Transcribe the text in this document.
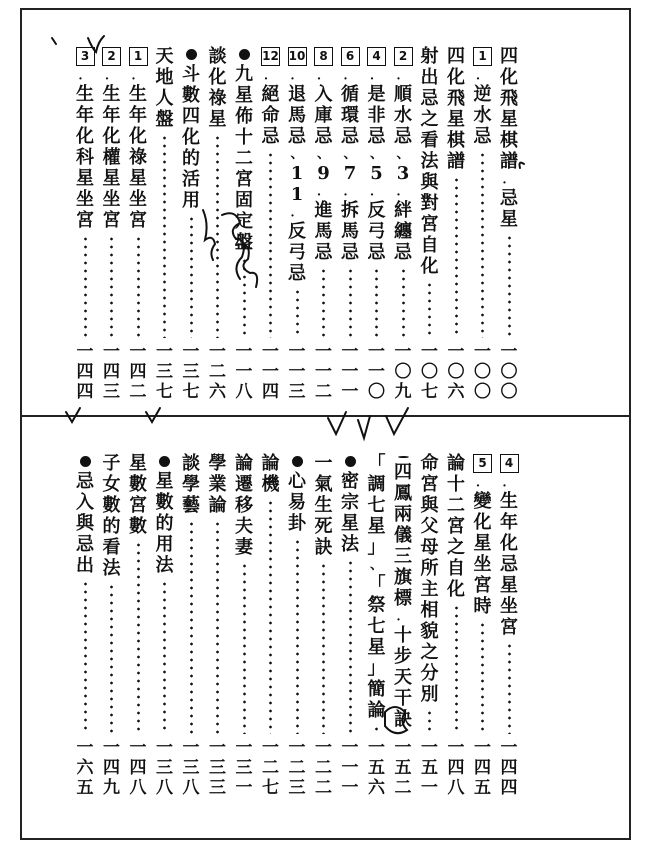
四
化
飛
星
棋
譜
．
忌
星
一
〇
〇
1
．
逆
水
忌
一
〇
〇
四
化
飛
星
棋
譜
一
〇
六
射
出
忌
之
看
法
與
對
宮
自
化
一
〇
七
2
．
順
水
忌
、
3
．
絆
纏
忌
一
〇
九
4
．
是
非
忌
、
5
．
反
弓
忌
一
一
〇
6
．
循
環
忌
、
7
．
拆
馬
忌
一
一
一
8
．
入
庫
忌
、
9
．
進
馬
忌
一
一
二
10
．
退
馬
忌
、
1
1
．
反
弓
忌
一
一
三
12
．
絕
命
忌
一
一
四
九
星
佈
十
二
宮
固
定
盤
一
一
八
談
化
祿
星
一
二
六
斗
數
四
化
的
活
用
一
三
七
天
地
人
盤
一
三
七
1
．
生
年
化
祿
星
坐
宮
一
四
二
2
．
生
年
化
權
星
坐
宮
一
四
三
3
．
生
年
化
科
星
坐
宮
一
四
四
4
．
生
年
化
忌
星
坐
宮
一
四
四
5
．
變
化
星
坐
宮
時
一
四
五
論
十
二
宮
之
自
化
一
四
八
命
宮
與
父
母
所
主
相
貌
之
分
別
一
五
一
四
鳳
兩
儀
三
旗
標
．
十
步
天
干
訣
一
五
二
「
調
七
星
」
、
「
祭
七
星
」
簡
論
一
五
六
密
宗
星
法
一
一
一
一
氣
生
死
訣
一
二
二
心
易
卦
一
二
三
論
機
一
二
七
論
遷
移
夫
妻
一
三
一
學
業
論
一
三
三
談
學
藝
一
三
八
星
數
的
用
法
一
三
八
星
數
宮
數
一
四
八
子
女
數
的
看
法
一
四
九
忌
入
與
忌
出
一
六
五
